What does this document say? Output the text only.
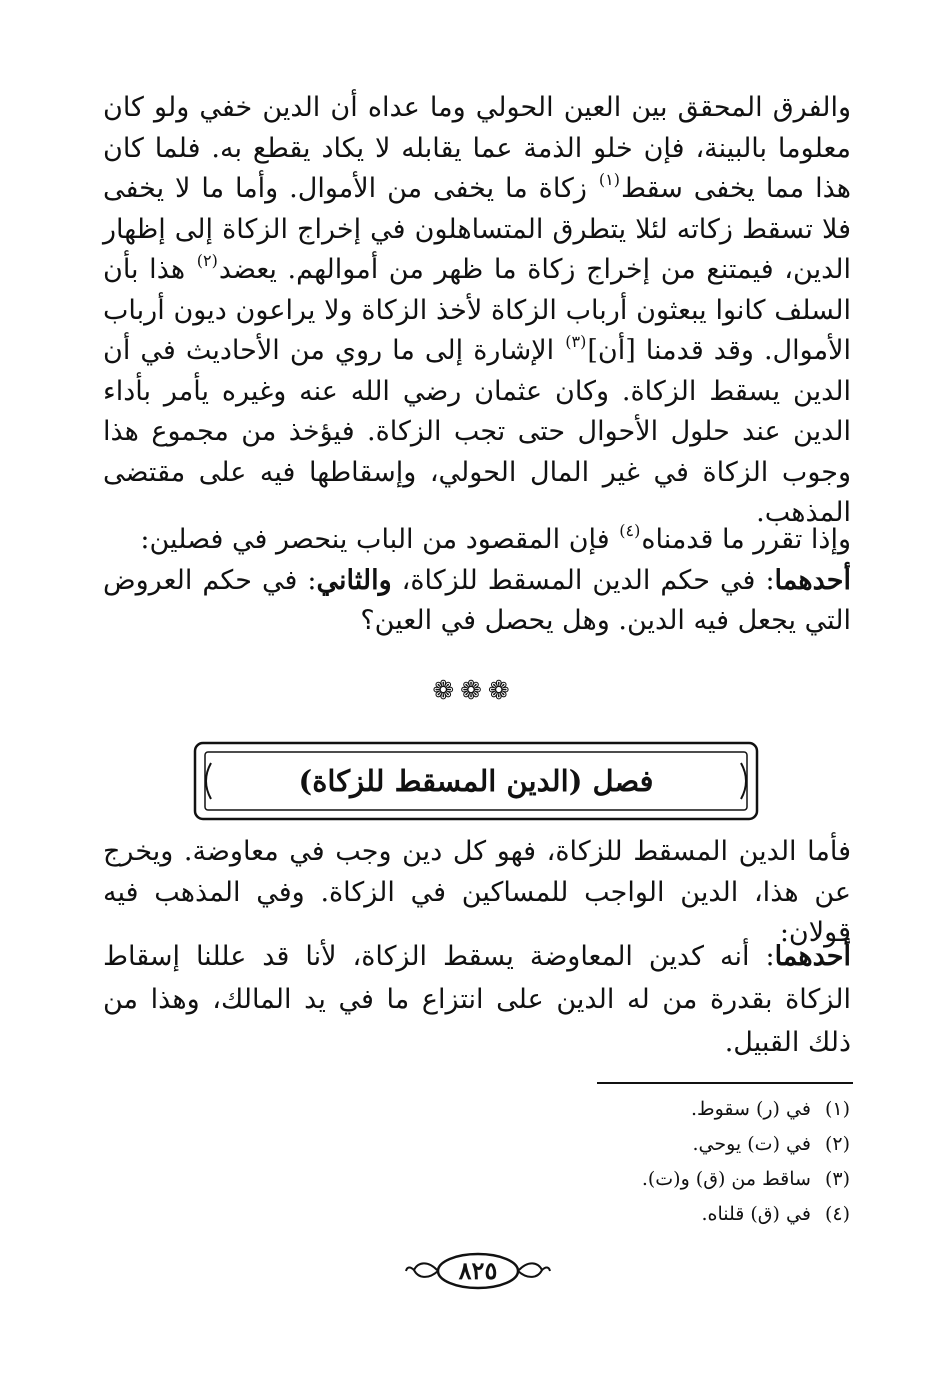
والفرق المحقق بين العين الحولي وما عداه أن الدين خفي ولو كان معلوما بالبينة، فإن خلو الذمة عما يقابله لا يكاد يقطع به. فلما كان هذا مما يخفى سقط$^{(١)}$ زكاة ما يخفى من الأموال. وأما ما لا يخفى فلا تسقط زكاته لئلا يتطرق المتساهلون في إخراج الزكاة إلى إظهار الدين، فيمتنع من إخراج زكاة ما ظهر من أموالهم. يعضد$^{(٢)}$ هذا بأن السلف كانوا يبعثون أرباب الزكاة لأخذ الزكاة ولا يراعون ديون أرباب الأموال. وقد قدمنا [أن]$^{(٣)}$ الإشارة إلى ما روي من الأحاديث في أن الدين يسقط الزكاة. وكان عثمان رضي الله عنه وغيره يأمر بأداء الدين عند حلول الأحوال حتى تجب الزكاة. فيؤخذ من مجموع هذا وجوب الزكاة في غير المال الحولي، وإسقاطها فيه على مقتضى المذهب.

وإذا تقرر ما قدمناه$^{(٤)}$ فإن المقصود من الباب ينحصر في فصلين:
أحدهما: في حكم الدين المسقط للزكاة، والثاني: في حكم العروض التي يجعل فيه الدين. وهل يحصل في العين؟

❁❁❁
فصل (الدين المسقط للزكاة)

فأما الدين المسقط للزكاة، فهو كل دين وجب في معاوضة. ويخرج عن هذا، الدين الواجب للمساكين في الزكاة. وفي المذهب فيه قولان:

أحدهما: أنه كدين المعاوضة يسقط الزكاة، لأنا قد عللنا إسقاط الزكاة بقدرة من له الدين على انتزاع ما في يد المالك، وهذا من ذلك القبيل.

(١)في (ر) سقوط.
(٢)في (ت) يوحي.
(٣)ساقط من (ق) و(ت).
(٤)في (ق) قلناه.
٨٢٥
